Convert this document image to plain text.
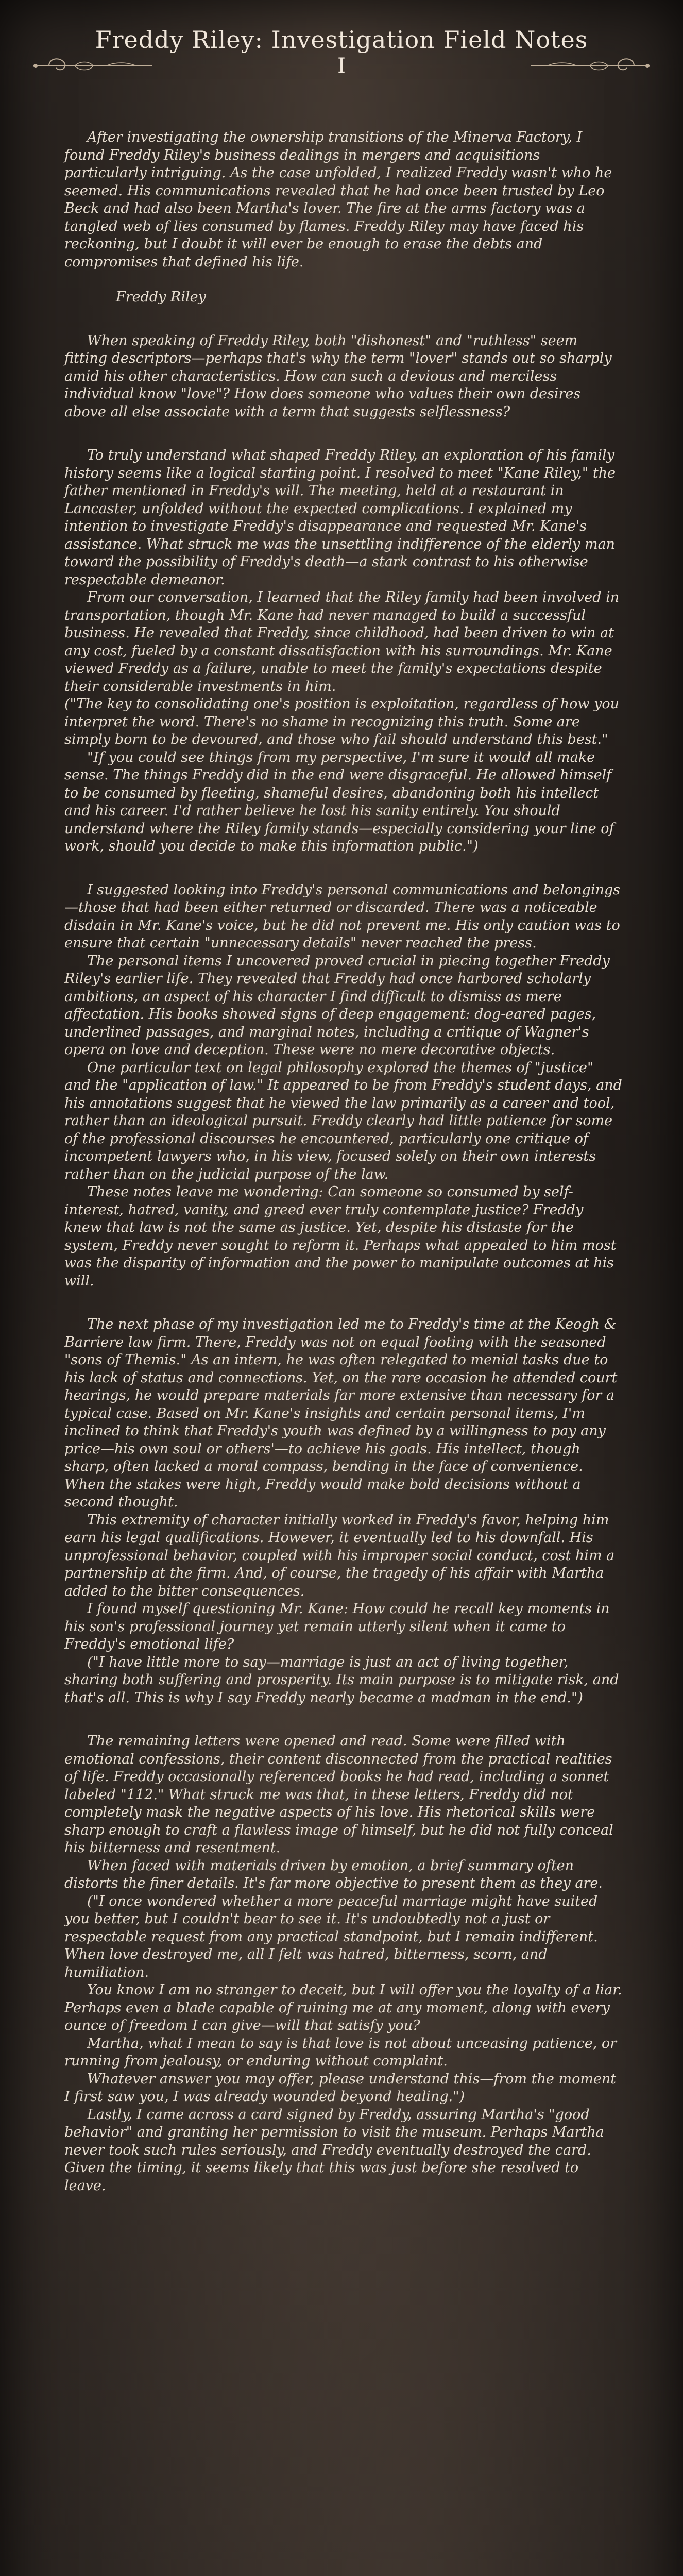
Freddy Riley: Investigation Field Notes
I

After investigating the ownership transitions of the Minerva Factory, I found Freddy Riley's business dealings in mergers and acquisitions particularly intriguing. As the case unfolded, I realized Freddy wasn't who he seemed. His communications revealed that he had once been trusted by Leo Beck and had also been Martha's lover. The fire at the arms factory was a tangled web of lies consumed by flames. Freddy Riley may have faced his reckoning, but I doubt it will ever be enough to erase the debts and compromises that defined his life.

Freddy Riley

When speaking of Freddy Riley, both "dishonest" and "ruthless" seem fitting descriptors—perhaps that's why the term "lover" stands out so sharply amid his other characteristics. How can such a devious and merciless individual know "love"? How does someone who values their own desires above all else associate with a term that suggests selflessness?

To truly understand what shaped Freddy Riley, an exploration of his family history seems like a logical starting point. I resolved to meet "Kane Riley," the father mentioned in Freddy's will. The meeting, held at a restaurant in Lancaster, unfolded without the expected complications. I explained my intention to investigate Freddy's disappearance and requested Mr. Kane's assistance. What struck me was the unsettling indifference of the elderly man toward the possibility of Freddy's death—a stark contrast to his otherwise respectable demeanor.

From our conversation, I learned that the Riley family had been involved in transportation, though Mr. Kane had never managed to build a successful business. He revealed that Freddy, since childhood, had been driven to win at any cost, fueled by a constant dissatisfaction with his surroundings. Mr. Kane viewed Freddy as a failure, unable to meet the family's expectations despite their considerable investments in him.

("The key to consolidating one's position is exploitation, regardless of how you interpret the word. There's no shame in recognizing this truth. Some are simply born to be devoured, and those who fail should understand this best."

"If you could see things from my perspective, I'm sure it would all make sense. The things Freddy did in the end were disgraceful. He allowed himself to be consumed by fleeting, shameful desires, abandoning both his intellect and his career. I'd rather believe he lost his sanity entirely. You should understand where the Riley family stands—especially considering your line of work, should you decide to make this information public.")

I suggested looking into Freddy's personal communications and belongings—those that had been either returned or discarded. There was a noticeable disdain in Mr. Kane's voice, but he did not prevent me. His only caution was to ensure that certain "unnecessary details" never reached the press.

The personal items I uncovered proved crucial in piecing together Freddy Riley's earlier life. They revealed that Freddy had once harbored scholarly ambitions, an aspect of his character I find difficult to dismiss as mere affectation. His books showed signs of deep engagement: dog-eared pages, underlined passages, and marginal notes, including a critique of Wagner's opera on love and deception. These were no mere decorative objects.

One particular text on legal philosophy explored the themes of "justice" and the "application of law." It appeared to be from Freddy's student days, and his annotations suggest that he viewed the law primarily as a career and tool, rather than an ideological pursuit. Freddy clearly had little patience for some of the professional discourses he encountered, particularly one critique of incompetent lawyers who, in his view, focused solely on their own interests rather than on the judicial purpose of the law.

These notes leave me wondering: Can someone so consumed by self-interest, hatred, vanity, and greed ever truly contemplate justice? Freddy knew that law is not the same as justice. Yet, despite his distaste for the system, Freddy never sought to reform it. Perhaps what appealed to him most was the disparity of information and the power to manipulate outcomes at his will.

The next phase of my investigation led me to Freddy's time at the Keogh & Barriere law firm. There, Freddy was not on equal footing with the seasoned "sons of Themis." As an intern, he was often relegated to menial tasks due to his lack of status and connections. Yet, on the rare occasion he attended court hearings, he would prepare materials far more extensive than necessary for a typical case. Based on Mr. Kane's insights and certain personal items, I'm inclined to think that Freddy's youth was defined by a willingness to pay any price—his own soul or others'—to achieve his goals. His intellect, though sharp, often lacked a moral compass, bending in the face of convenience. When the stakes were high, Freddy would make bold decisions without a second thought.

This extremity of character initially worked in Freddy's favor, helping him earn his legal qualifications. However, it eventually led to his downfall. His unprofessional behavior, coupled with his improper social conduct, cost him a partnership at the firm. And, of course, the tragedy of his affair with Martha added to the bitter consequences.

I found myself questioning Mr. Kane: How could he recall key moments in his son's professional journey yet remain utterly silent when it came to Freddy's emotional life?

("I have little more to say—marriage is just an act of living together, sharing both suffering and prosperity. Its main purpose is to mitigate risk, and that's all. This is why I say Freddy nearly became a madman in the end.")

The remaining letters were opened and read. Some were filled with emotional confessions, their content disconnected from the practical realities of life. Freddy occasionally referenced books he had read, including a sonnet labeled "112." What struck me was that, in these letters, Freddy did not completely mask the negative aspects of his love. His rhetorical skills were sharp enough to craft a flawless image of himself, but he did not fully conceal his bitterness and resentment.

When faced with materials driven by emotion, a brief summary often distorts the finer details. It's far more objective to present them as they are.

("I once wondered whether a more peaceful marriage might have suited you better, but I couldn't bear to see it. It's undoubtedly not a just or respectable request from any practical standpoint, but I remain indifferent. When love destroyed me, all I felt was hatred, bitterness, scorn, and humiliation.

You know I am no stranger to deceit, but I will offer you the loyalty of a liar. Perhaps even a blade capable of ruining me at any moment, along with every ounce of freedom I can give—will that satisfy you?

Martha, what I mean to say is that love is not about unceasing patience, or running from jealousy, or enduring without complaint.

Whatever answer you may offer, please understand this—from the moment I first saw you, I was already wounded beyond healing.")

Lastly, I came across a card signed by Freddy, assuring Martha's "good behavior" and granting her permission to visit the museum. Perhaps Martha never took such rules seriously, and Freddy eventually destroyed the card. Given the timing, it seems likely that this was just before she resolved to leave.
